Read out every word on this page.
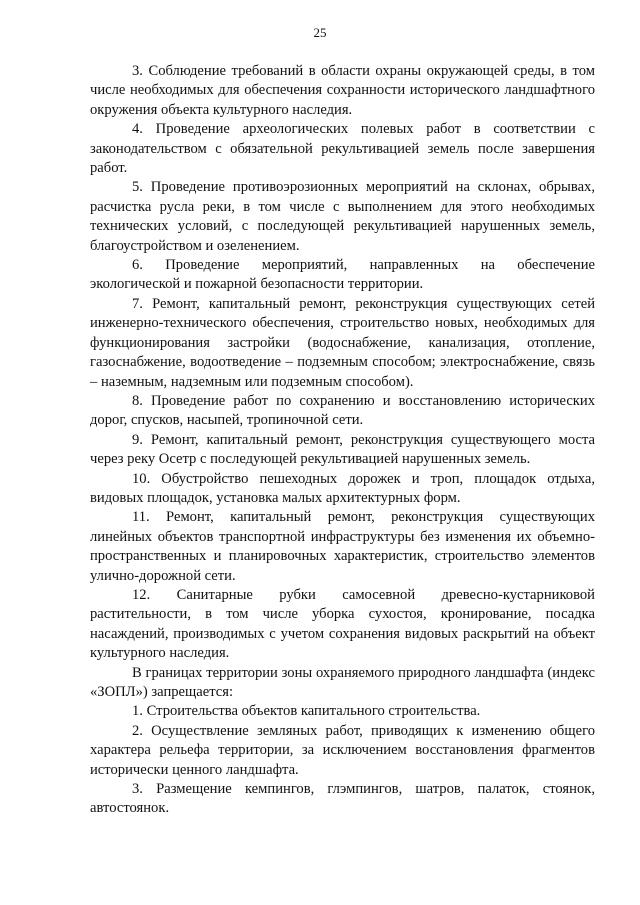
25

3. Соблюдение требований в области охраны окружающей среды, в том числе необходимых для обеспечения сохранности исторического ландшафтного окружения объекта культурного наследия.

4. Проведение археологических полевых работ в соответствии с законодательством с обязательной рекультивацией земель после завершения работ.

5. Проведение противоэрозионных мероприятий на склонах, обрывах, расчистка русла реки, в том числе с выполнением для этого необходимых технических условий, с последующей рекультивацией нарушенных земель, благоустройством и озеленением.

6. Проведение мероприятий, направленных на обеспечение экологической и пожарной безопасности территории.

7. Ремонт, капитальный ремонт, реконструкция существующих сетей инженерно-технического обеспечения, строительство новых, необходимых для функционирования застройки (водоснабжение, канализация, отопление, газоснабжение, водоотведение – подземным способом; электроснабжение, связь – наземным, надземным или подземным способом).

8. Проведение работ по сохранению и восстановлению исторических дорог, спусков, насыпей, тропиночной сети.

9. Ремонт, капитальный ремонт, реконструкция существующего моста через реку Осетр с последующей рекультивацией нарушенных земель.

10. Обустройство пешеходных дорожек и троп, площадок отдыха, видовых площадок, установка малых архитектурных форм.

11. Ремонт, капитальный ремонт, реконструкция существующих линейных объектов транспортной инфраструктуры без изменения их объемно-пространственных и планировочных характеристик, строительство элементов улично-дорожной сети.

12. Санитарные рубки самосевной древесно-кустарниковой растительности, в том числе уборка сухостоя, кронирование, посадка насаждений, производимых с учетом сохранения видовых раскрытий на объект культурного наследия.

В границах территории зоны охраняемого природного ландшафта (индекс «ЗОПЛ») запрещается:

1. Строительства объектов капитального строительства.

2. Осуществление земляных работ, приводящих к изменению общего характера рельефа территории, за исключением восстановления фрагментов исторически ценного ландшафта.

3. Размещение кемпингов, глэмпингов, шатров, палаток, стоянок, автостоянок.
